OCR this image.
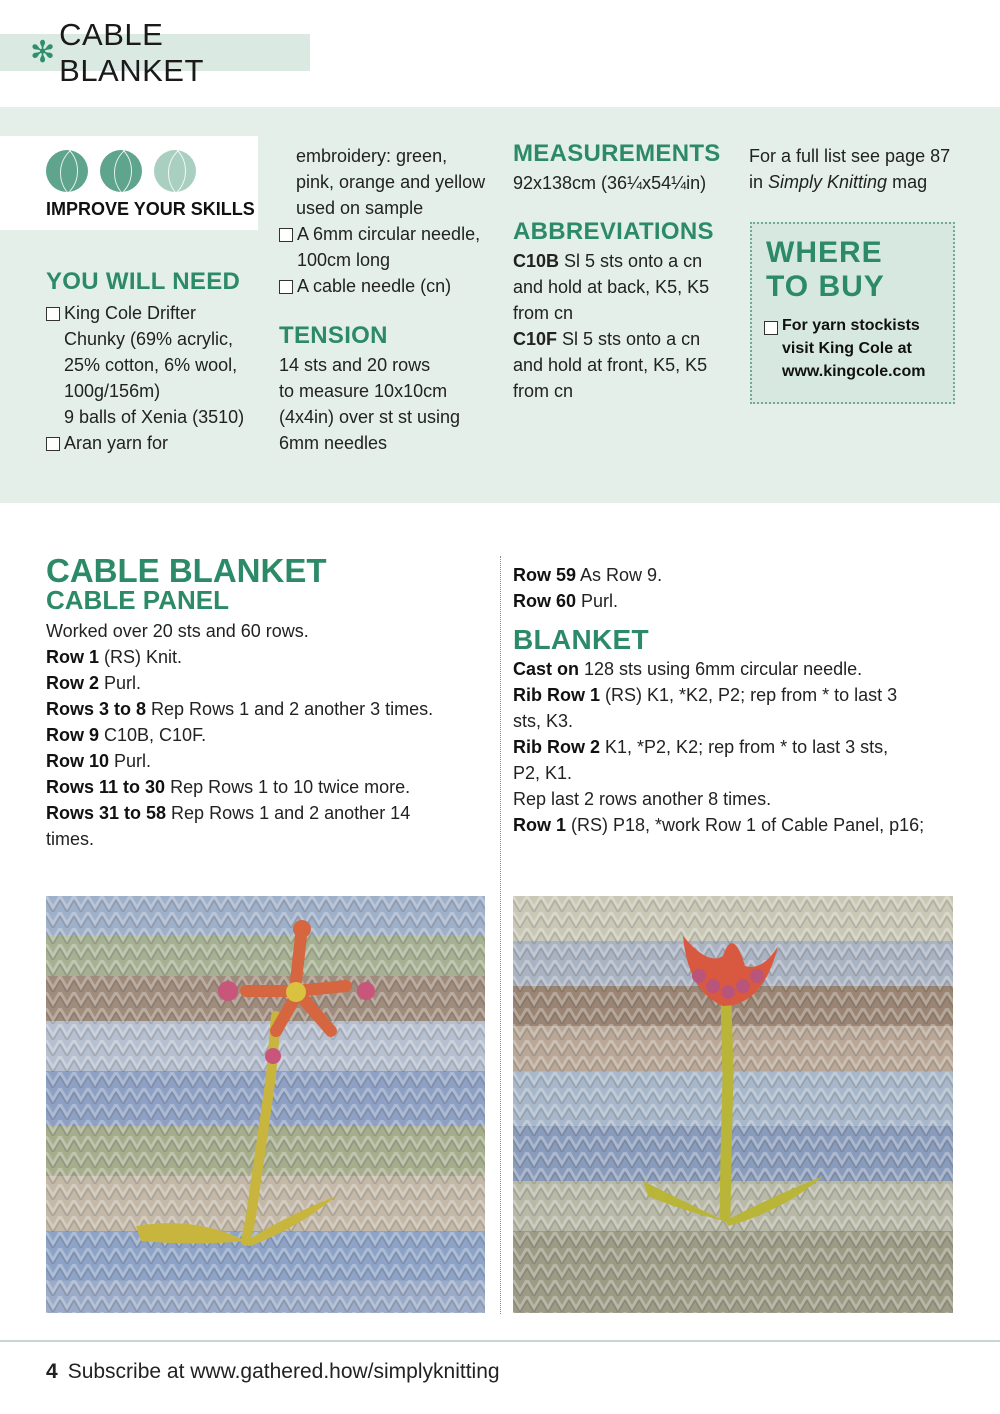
✻
CABLE BLANKET
IMPROVE YOUR SKILLS
YOU WILL NEED
King Cole Drifter
Chunky (69% acrylic,
25% cotton, 6% wool,
100g/156m)
9 balls of Xenia (3510)
Aran yarn for
embroidery: green,
pink, orange and yellow
used on sample
A 6mm circular needle,
100cm long
A cable needle (cn)
TENSION
14 sts and 20 rows
to measure 10x10cm
(4x4in) over st st using
6mm needles
MEASUREMENTS
92x138cm (36¼x54¼in)
ABBREVIATIONS
C10B Sl 5 sts onto a cn
and hold at back, K5, K5
from cn
C10F Sl 5 sts onto a cn
and hold at front, K5, K5
from cn
For a full list see page 87
in Simply Knitting mag
WHERE
TO BUY
For yarn stockists
visit King Cole at
www.kingcole.com
CABLE BLANKET
CABLE PANEL
Worked over 20 sts and 60 rows.
Row 1 (RS) Knit.
Row 2 Purl.
Rows 3 to 8 Rep Rows 1 and 2 another 3 times.
Row 9 C10B, C10F.
Row 10 Purl.
Rows 11 to 30 Rep Rows 1 to 10 twice more.
Rows 31 to 58 Rep Rows 1 and 2 another 14
times.
Row 59 As Row 9.
Row 60 Purl.
BLANKET
Cast on 128 sts using 6mm circular needle.
Rib Row 1 (RS) K1, *K2, P2; rep from * to last 3
sts, K3.
Rib Row 2 K1, *P2, K2; rep from * to last 3 sts,
P2, K1.
Rep last 2 rows another 8 times.
Row 1 (RS) P18, *work Row 1 of Cable Panel, p16;
4 Subscribe at www.gathered.how/simplyknitting
